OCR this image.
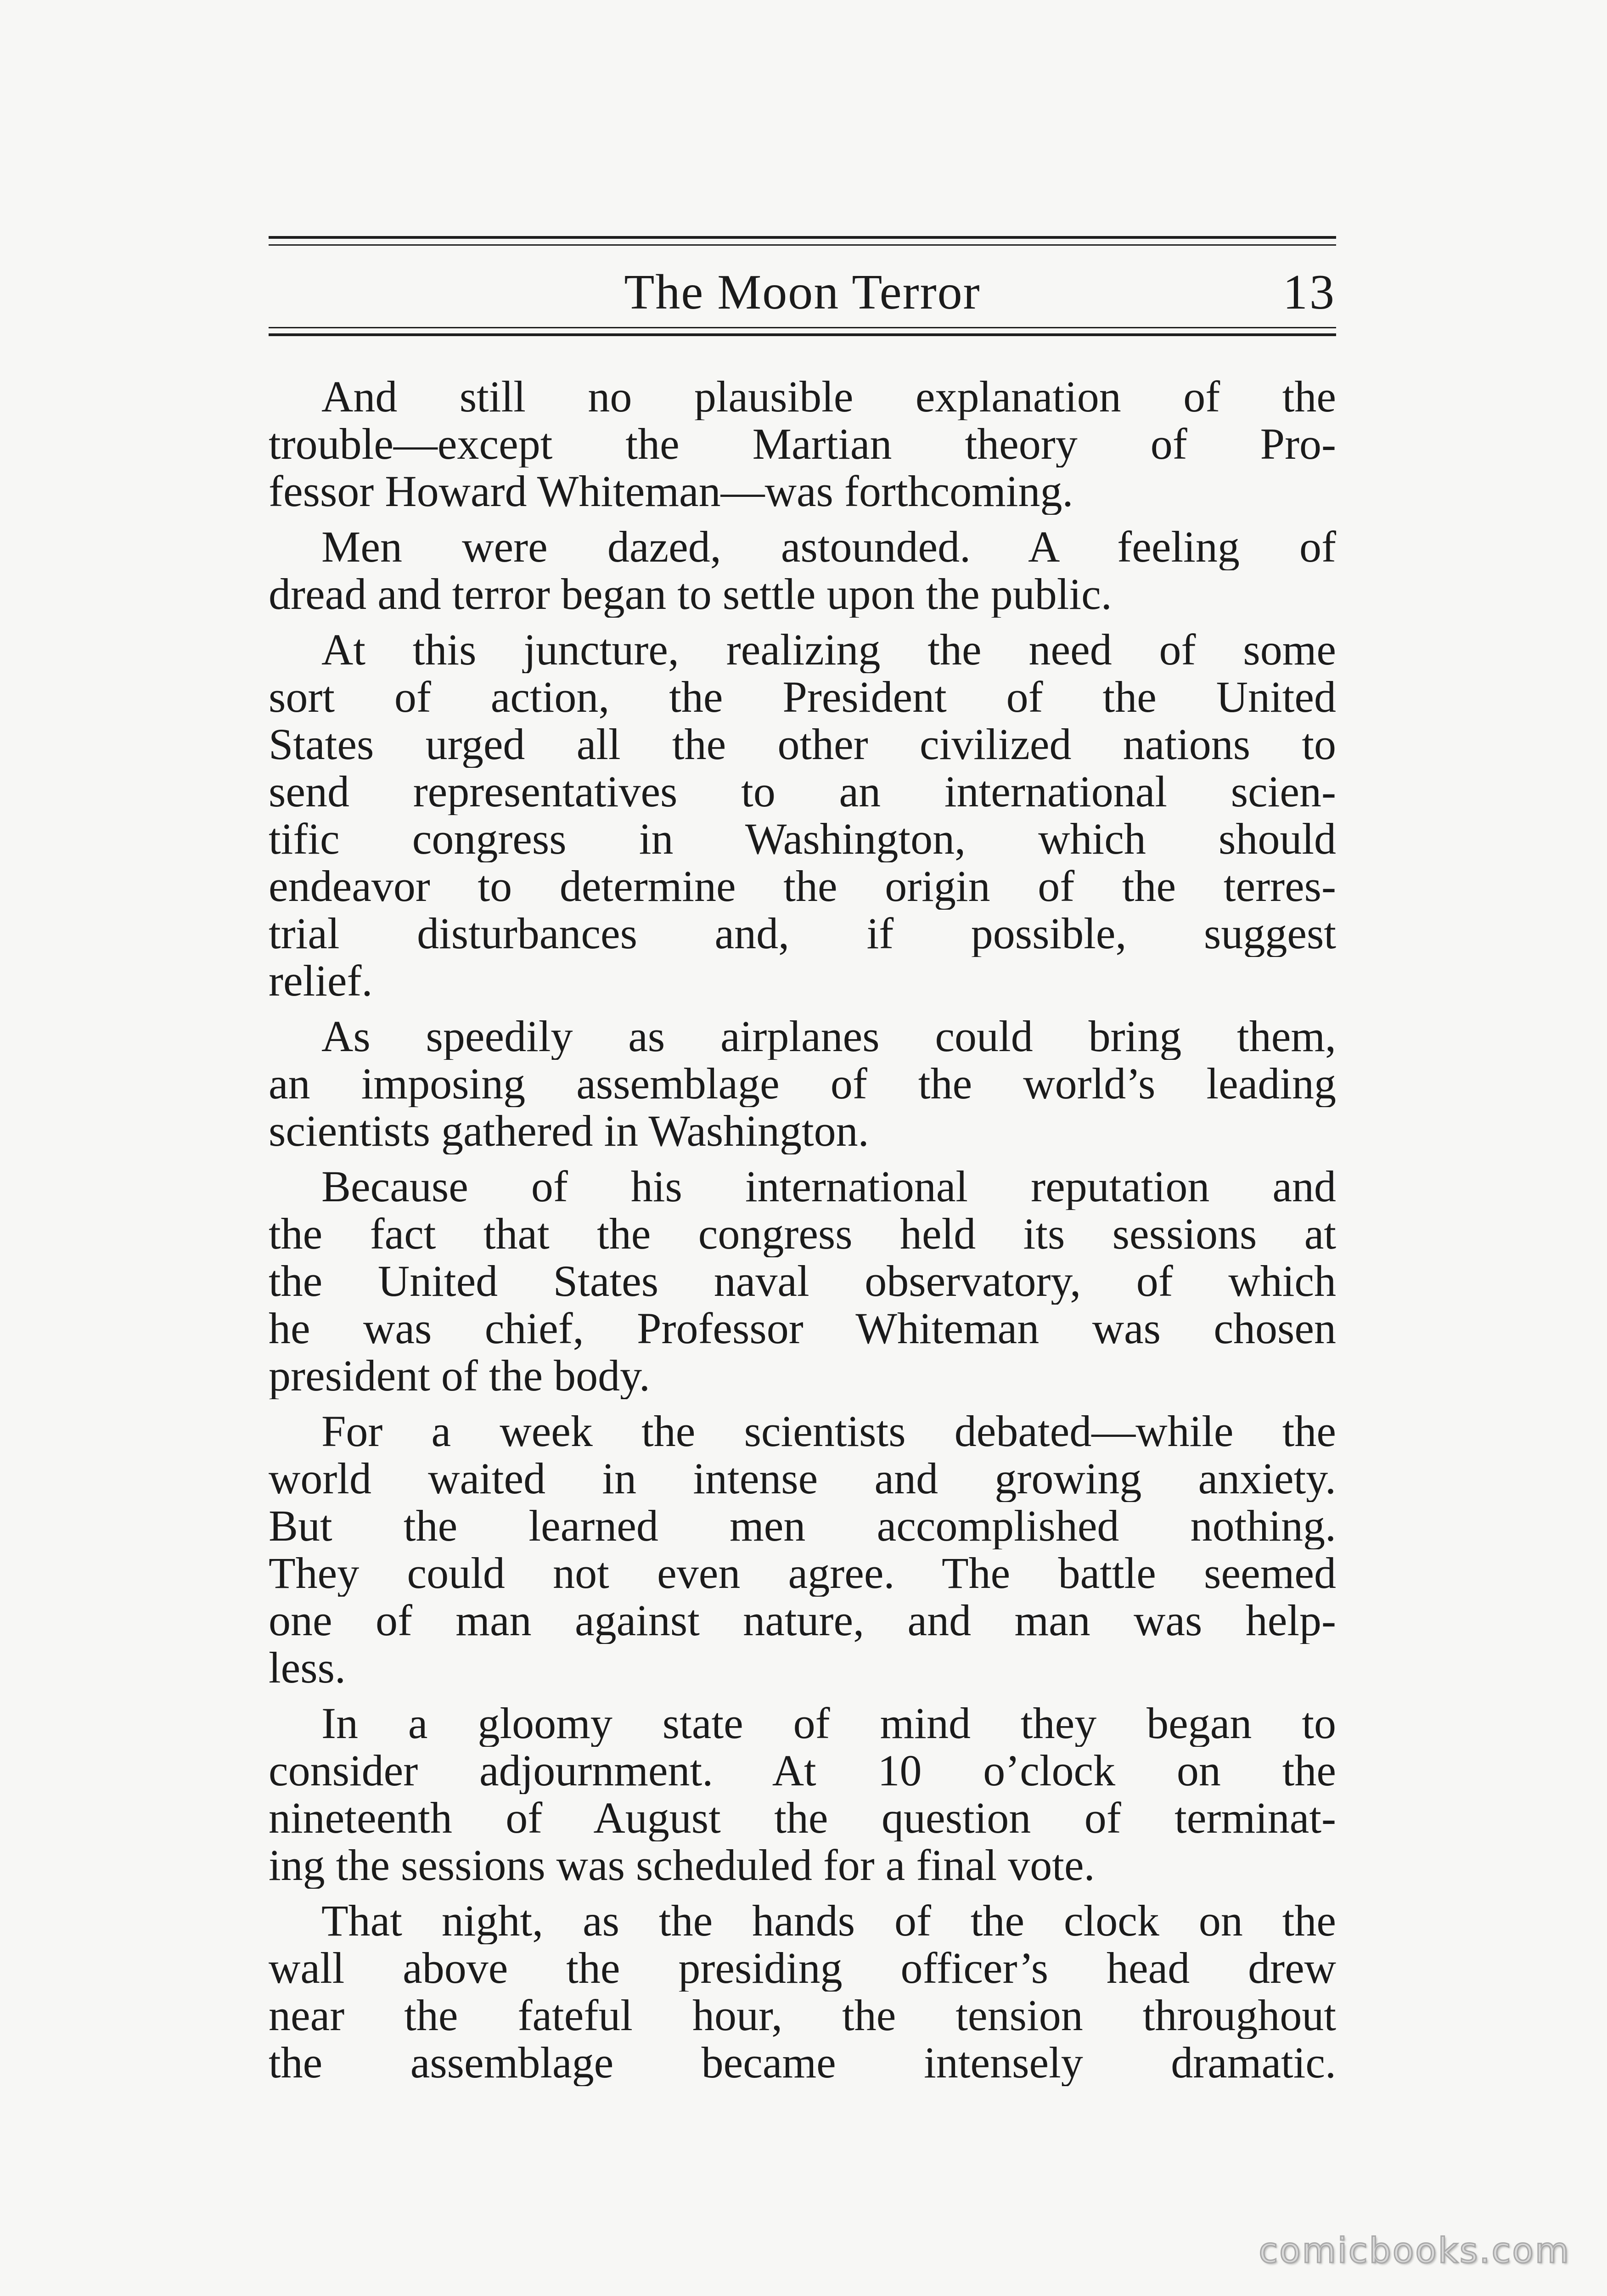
The Moon Terror	13
And still no plausible explanation of the
trouble—except the Martian theory of Pro-
fessor Howard Whiteman—was forthcoming.
Men were dazed, astounded. A feeling of
dread and terror began to settle upon the public.
At this juncture, realizing the need of some
sort of action, the President of the United
States urged all the other civilized nations to
send representatives to an international scien-
tific congress in Washington, which should
endeavor to determine the origin of the terres-
trial disturbances and, if possible, suggest
relief.
As speedily as airplanes could bring them,
an imposing assemblage of the world’s leading
scientists gathered in Washington.
Because of his international reputation and
the fact that the congress held its sessions at
the United States naval observatory, of which
he was chief, Professor Whiteman was chosen
president of the body.
For a week the scientists debated—while the
world waited in intense and growing anxiety.
But the learned men accomplished nothing.
They could not even agree. The battle seemed
one of man against nature, and man was help-
less.
In a gloomy state of mind they began to
consider adjournment. At 10 o’clock on the
nineteenth of August the question of terminat-
ing the sessions was scheduled for a final vote.
That night, as the hands of the clock on the
wall above the presiding officer’s head drew
near the fateful hour, the tension throughout
the assemblage became intensely dramatic.
comicbooks.com
